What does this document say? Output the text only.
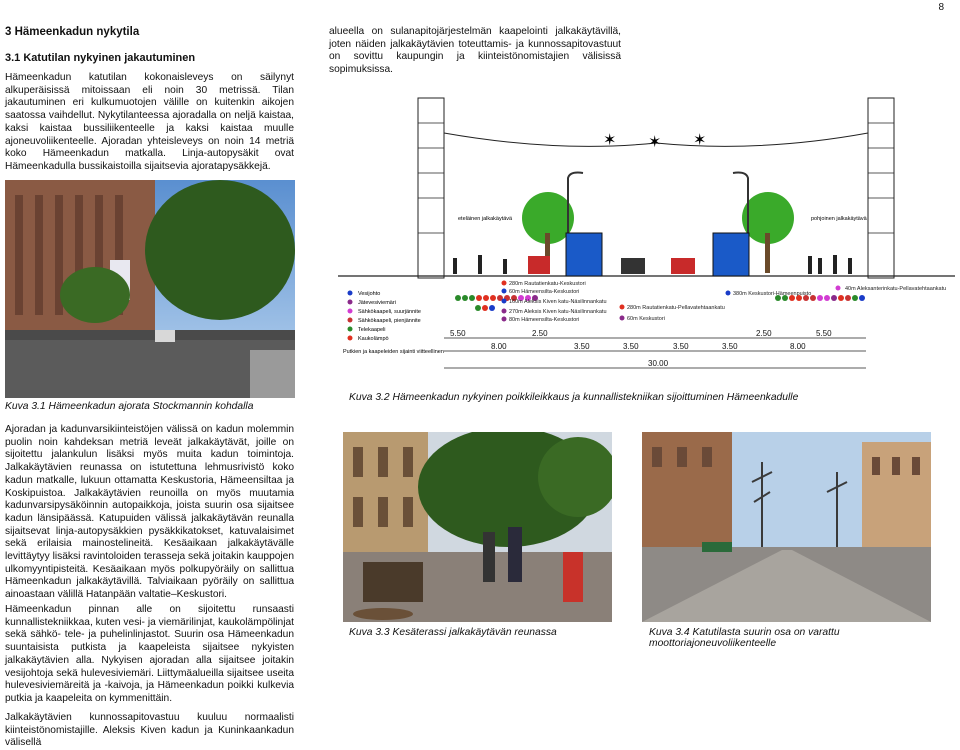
8
3 Hämeenkadun nykytila
3.1 Katutilan nykyinen jakautuminen
Hämeenkadun katutilan kokonaisleveys on säilynyt alkuperäisissä mitoissaan eli noin 30 metrissä. Tilan jakautuminen eri kulkumuotojen välille on kuitenkin aikojen saatossa vaihdellut. Nykytilanteessa ajoradalla on neljä kaistaa, kaksi kaistaa bussiliikenteelle ja kaksi kaistaa muulle ajoneuvoliikenteelle. Ajoradan yhteisleveys on noin 14 metriä koko Hämeenkadun matkalla. Linja-autopysäkit ovat Hämeenkadulla bussikaistoilla sijaitsevia ajoratapysäkkejä.
alueella on sulanapitojärjestelmän kaapelointi jalkakäytävillä, joten näiden jalkakäytävien toteuttamis- ja kunnossapitovastuut on sovittu kaupungin ja kiinteistönomistajien välisissä sopimuksissa.
Kuva 3.1 Hämeenkadun ajorata Stockmannin kohdalla
✶ ✶ ✶
eteläinen jalkakäytävä	pohjoinen jalkakäytävä
Vesijohto
Jätevesiviemäri
Sähkökaapeli, suurjännite
Sähkökaapeli, pienjännite
Telekaapeli
Kaukolämpö
Putkien ja kaapeleiden sijainti viitteellinen
280m Rautatienkatu-Keskustori
60m Hämeensilta-Keskustori
160m Aleksis Kiven katu-Näsilinnankatu
270m Aleksis Kiven katu-Näsilinnankatu
80m Hämeensilta-Keskustori
280m Rautatienkatu-Pellavatehtaankatu
60m Keskustori
380m Keskustori-Hämeenpuisto
40m Aleksanterinkatu-Pellavatehtaankatu
5.50	2.50	2.50	5.50
8.00	3.50	3.50	3.50	3.50	8.00
30.00
Kuva 3.2 Hämeenkadun nykyinen poikkileikkaus ja kunnallistekniikan sijoittuminen Hämeenkadulle
Ajoradan ja kadunvarsikiinteistöjen välissä on kadun molemmin puolin noin kahdeksan metriä leveät jalkakäytävät, joille on sijoitettu jalankulun lisäksi myös muita kadun toimintoja. Jalkakäytävien reunassa on istutettuna lehmusrivistö koko kadun matkalle, lukuun ottamatta Keskustoria, Hämeensiltaa ja Koskipuistoa. Jalkakäytävien reunoilla on myös muutamia kadunvarsipysäköinnin autopaikkoja, joista suurin osa sijaitsee kadun länsipäässä. Katupuiden välissä jalkakäytävän reunalla sijaitsevat linja-autopysäkkien pysäkkikatokset, katuvalaisimet sekä erilaisia mainostelineitä. Kesäaikaan jalkakäytävälle levittäytyy lisäksi ravintoloiden terasseja sekä joitakin kauppojen ulkomyyntipisteitä. Kesäaikaan myös polkupyöräily on sallittua Hämeenkadun jalkakäytävillä. Talviaikaan pyöräily on sallittua ainoastaan välillä Hatanpään valtatie–Keskustori.
Hämeenkadun pinnan alle on sijoitettu runsaasti kunnallistekniikkaa, kuten vesi- ja viemärilinjat, kaukolämpölinjat sekä sähkö- tele- ja puhelinlinjastot. Suurin osa Hämeenkadun suuntaisista putkista ja kaapeleista sijaitsee nykyisten jalkakäytävien alla. Nykyisen ajoradan alla sijaitsee joitakin vesijohtoja sekä hulevesiviemäri. Liittymäalueilla sijaitsee useita hulevesiviemäreitä ja -kaivoja, ja Hämeenkadun poikki kulkevia putkia ja kaapeleita on kymmenittäin.
Jalkakäytävien kunnossapitovastuu kuuluu normaalisti kiinteistönomistajille. Aleksis Kiven kadun ja Kuninkaankadun välisellä
Kuva 3.3 Kesäterassi jalkakäytävän reunassa	Kuva 3.4 Katutilasta suurin osa on varattu moottoriajoneuvoliikenteelle
